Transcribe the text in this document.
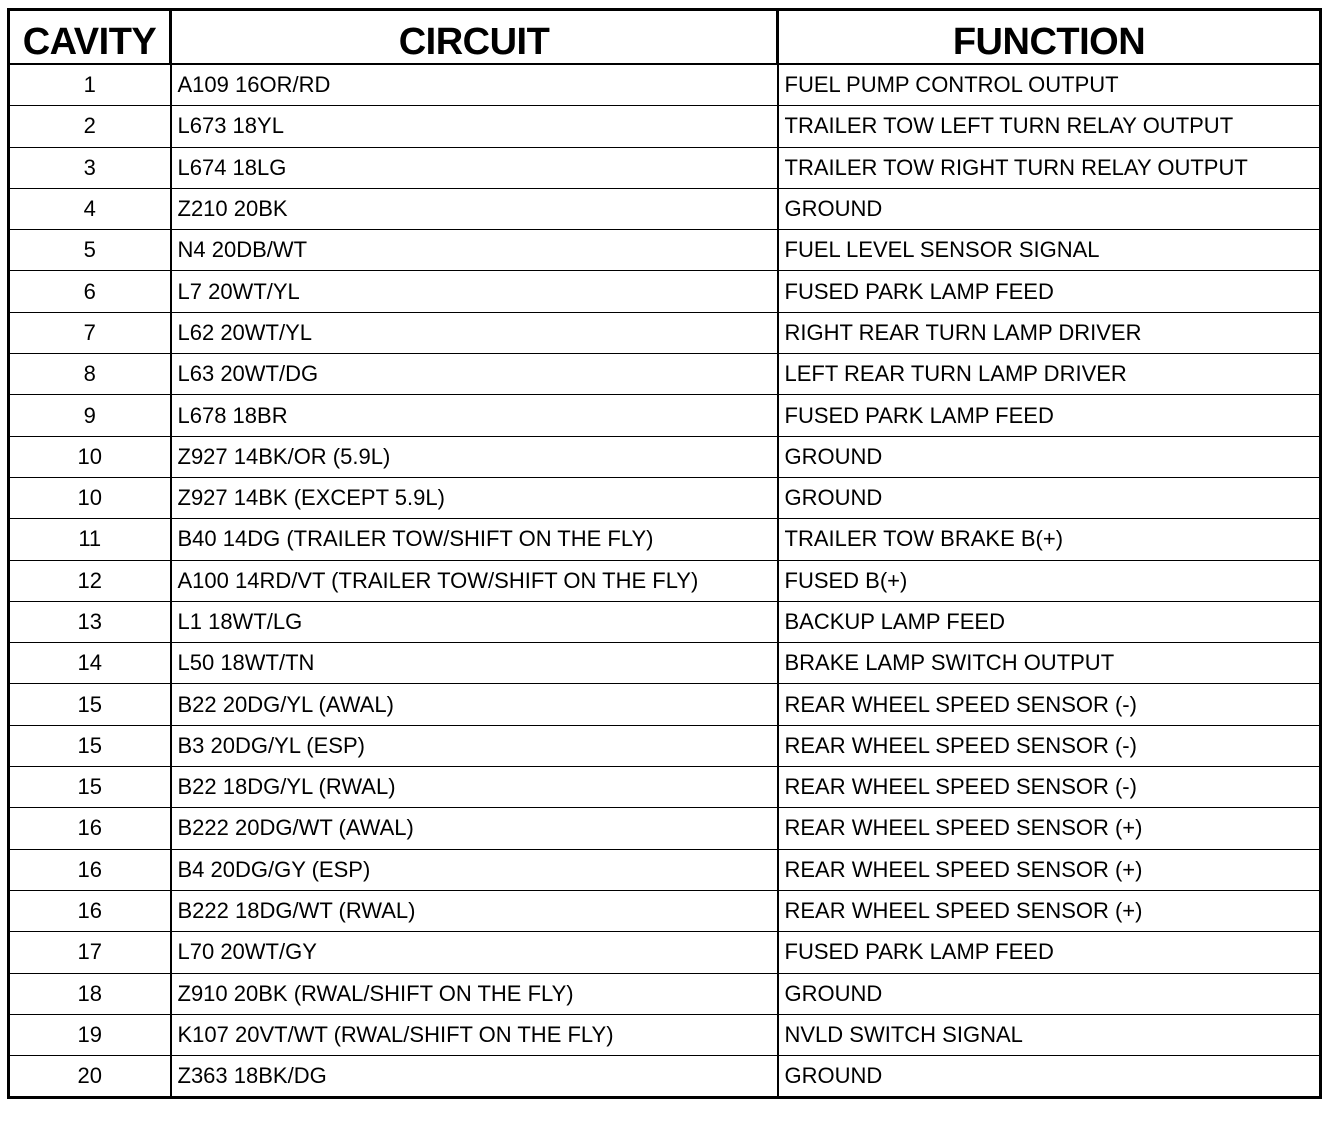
CAVITY	CIRCUIT	FUNCTION
1	A109 16OR/RD	FUEL PUMP CONTROL OUTPUT
2	L673 18YL	TRAILER TOW LEFT TURN RELAY OUTPUT
3	L674 18LG	TRAILER TOW RIGHT TURN RELAY OUTPUT
4	Z210 20BK	GROUND
5	N4 20DB/WT	FUEL LEVEL SENSOR SIGNAL
6	L7 20WT/YL	FUSED PARK LAMP FEED
7	L62 20WT/YL	RIGHT REAR TURN LAMP DRIVER
8	L63 20WT/DG	LEFT REAR TURN LAMP DRIVER
9	L678 18BR	FUSED PARK LAMP FEED
10	Z927 14BK/OR (5.9L)	GROUND
10	Z927 14BK (EXCEPT 5.9L)	GROUND
11	B40 14DG (TRAILER TOW/SHIFT ON THE FLY)	TRAILER TOW BRAKE B(+)
12	A100 14RD/VT (TRAILER TOW/SHIFT ON THE FLY)	FUSED B(+)
13	L1 18WT/LG	BACKUP LAMP FEED
14	L50 18WT/TN	BRAKE LAMP SWITCH OUTPUT
15	B22 20DG/YL (AWAL)	REAR WHEEL SPEED SENSOR (-)
15	B3 20DG/YL (ESP)	REAR WHEEL SPEED SENSOR (-)
15	B22 18DG/YL (RWAL)	REAR WHEEL SPEED SENSOR (-)
16	B222 20DG/WT (AWAL)	REAR WHEEL SPEED SENSOR (+)
16	B4 20DG/GY (ESP)	REAR WHEEL SPEED SENSOR (+)
16	B222 18DG/WT (RWAL)	REAR WHEEL SPEED SENSOR (+)
17	L70 20WT/GY	FUSED PARK LAMP FEED
18	Z910 20BK (RWAL/SHIFT ON THE FLY)	GROUND
19	K107 20VT/WT (RWAL/SHIFT ON THE FLY)	NVLD SWITCH SIGNAL
20	Z363 18BK/DG	GROUND
